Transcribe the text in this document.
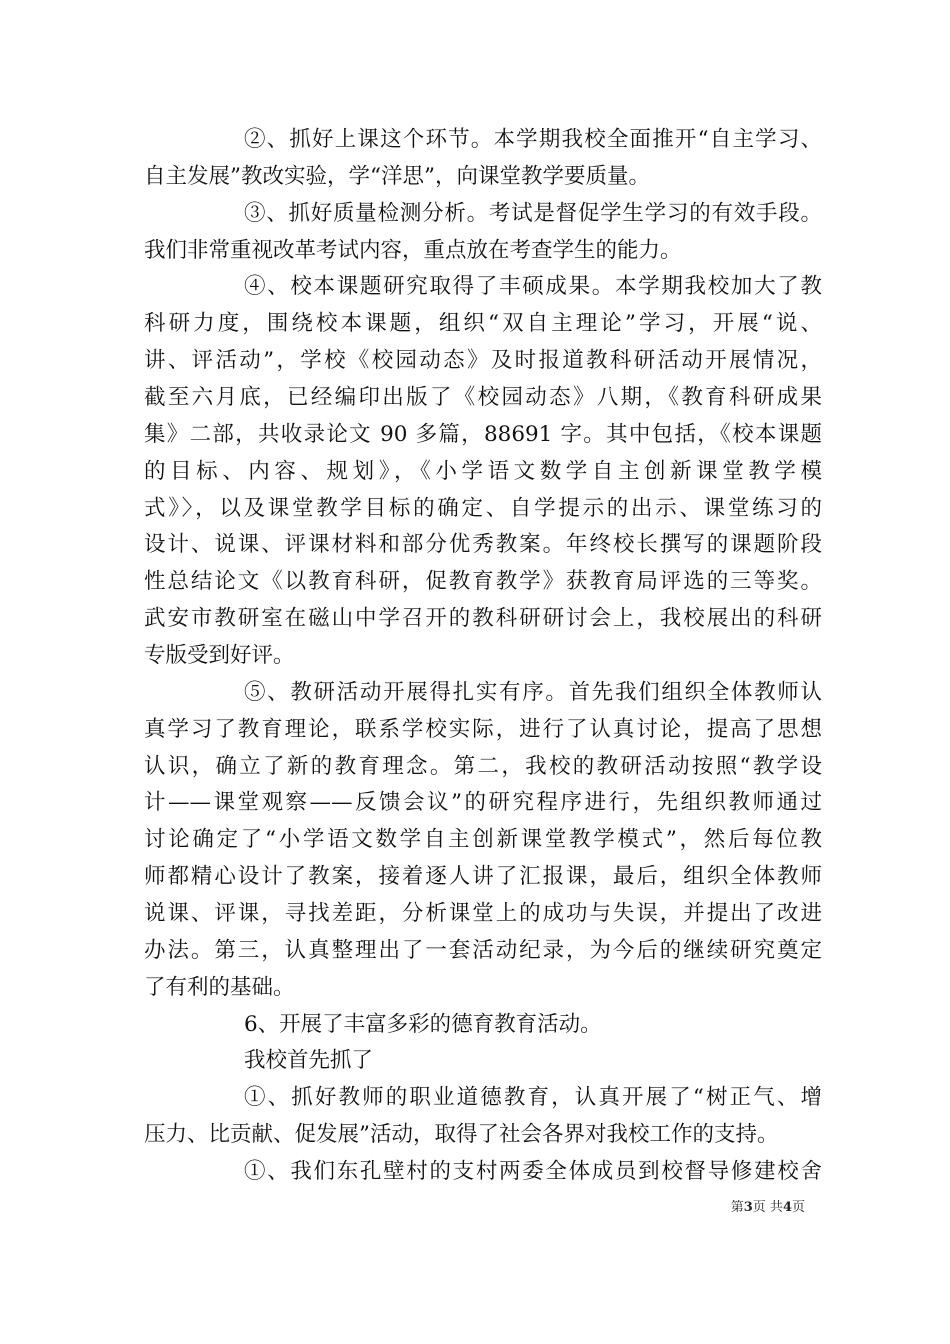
②、抓好上课这个环节。本学期我校全面推开“自主学习、
自主发展”教改实验，学“洋思”，向课堂教学要质量。
③、抓好质量检测分析。考试是督促学生学习的有效手段。
我们非常重视改革考试内容，重点放在考查学生的能力。
④、校本课题研究取得了丰硕成果。本学期我校加大了教
科研力度，围绕校本课题，组织“双自主理论”学习，开展“说、
讲、评活动”，学校《校园动态》及时报道教科研活动开展情况，
截至六月底，已经编印出版了《校园动态》八期，《教育科研成果
集》二部，共收录论文 90 多篇，88691 字。其中包括，《校本课题
的目标、内容、规划》，《小学语文数学自主创新课堂教学模
式》〉，以及课堂教学目标的确定、自学提示的出示、课堂练习的
设计、说课、评课材料和部分优秀教案。年终校长撰写的课题阶段
性总结论文《以教育科研，促教育教学》获教育局评选的三等奖。
武安市教研室在磁山中学召开的教科研研讨会上，我校展出的科研
专版受到好评。
⑤、教研活动开展得扎实有序。首先我们组织全体教师认
真学习了教育理论，联系学校实际，进行了认真讨论，提高了思想
认识，确立了新的教育理念。第二，我校的教研活动按照“教学设
计——课堂观察——反馈会议”的研究程序进行，先组织教师通过
讨论确定了“小学语文数学自主创新课堂教学模式”，然后每位教
师都精心设计了教案，接着逐人讲了汇报课，最后，组织全体教师
说课、评课，寻找差距，分析课堂上的成功与失误，并提出了改进
办法。第三，认真整理出了一套活动纪录，为今后的继续研究奠定
了有利的基础。
6、开展了丰富多彩的德育教育活动。
我校首先抓了
①、抓好教师的职业道德教育，认真开展了“树正气、增
压力、比贡献、促发展”活动，取得了社会各界对我校工作的支持。
①、我们东孔壁村的支村两委全体成员到校督导修建校舍
第3页 共4页
